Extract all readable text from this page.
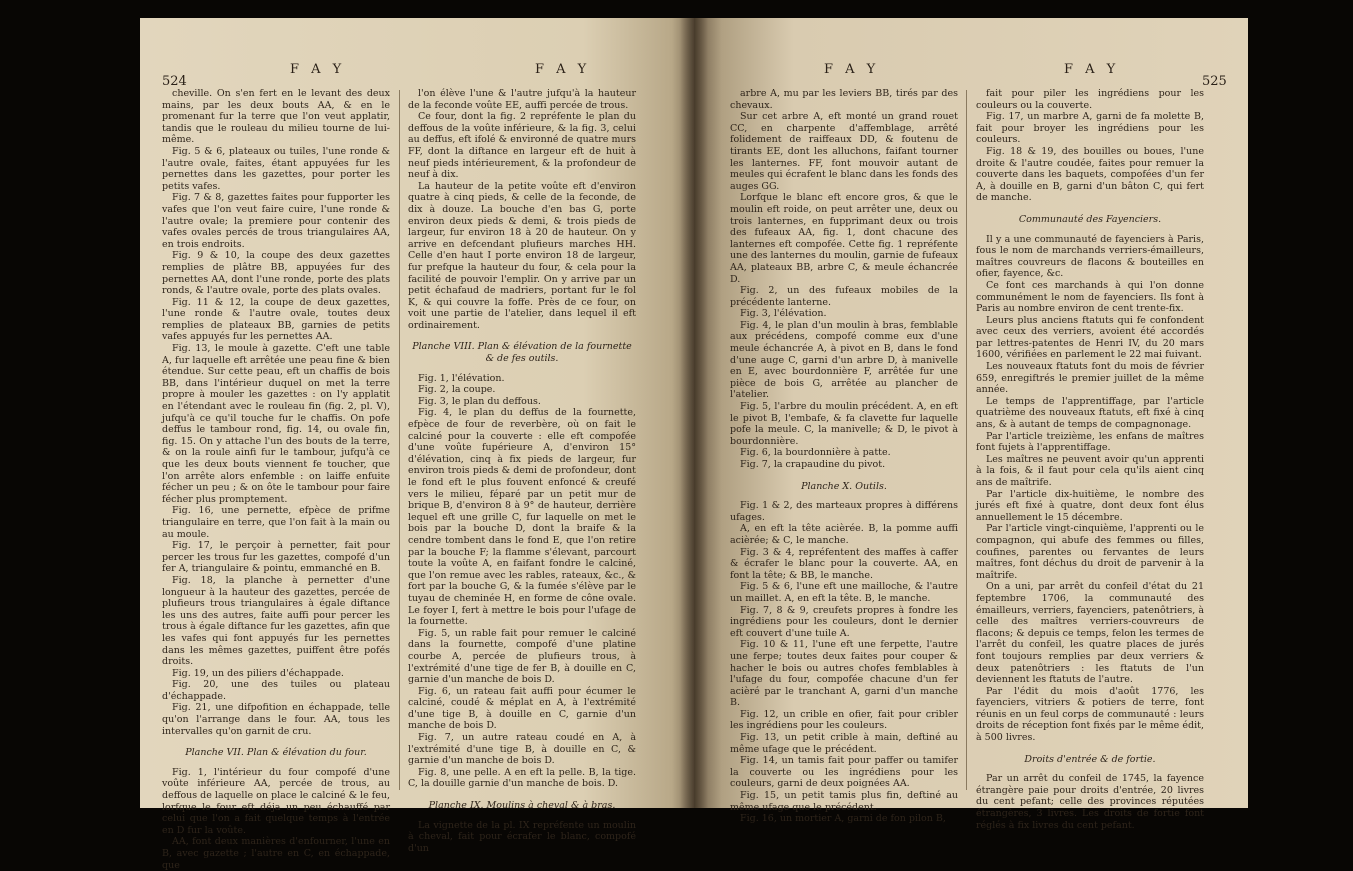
524
F A Y	F A Y

cheville. On s'en fert en le levant des deux mains, par les deux bouts AA, & en le promenant fur la terre que l'on veut applatir, tandis que le rouleau du milieu tourne de lui-même.

Fig. 5 & 6, plateaux ou tuiles, l'une ronde & l'autre ovale, faites, étant appuyées fur les pernettes dans les gazettes, pour porter les petits vafes.

Fig. 7 & 8, gazettes faites pour fupporter les vafes que l'on veut faire cuire, l'une ronde & l'autre ovale; la premiere pour contenir des vafes ovales percés de trous triangulaires AA, en trois endroits.

Fig. 9 & 10, la coupe des deux gazettes remplies de plâtre BB, appuyées fur des pernettes AA, dont l'une ronde, porte des plats ronds, & l'autre ovale, porte des plats ovales.

Fig. 11 & 12, la coupe de deux gazettes, l'une ronde & l'autre ovale, toutes deux remplies de plateaux BB, garnies de petits vafes appuyés fur les pernettes AA.

Fig. 13, le moule à gazette. C'eft une table A, fur laquelle eft arrêtée une peau fine & bien étendue. Sur cette peau, eft un chaffis de bois BB, dans l'intérieur duquel on met la terre propre à mouler les gazettes : on l'y applatit en l'étendant avec le rouleau fin (fig. 2, pl. V), jufqu'à ce qu'il touche fur le chaffis. On pofe deffus le tambour rond, fig. 14, ou ovale fin, fig. 15. On y attache l'un des bouts de la terre, & on la roule ainfi fur le tambour, jufqu'à ce que les deux bouts viennent fe toucher, que l'on arrête alors enfemble : on laiffe enfuite fécher un peu ; & on ôte le tambour pour faire fécher plus promptement.

Fig. 16, une pernette, efpèce de prifme triangulaire en terre, que l'on fait à la main ou au moule.

Fig. 17, le perçoir à pernetter, fait pour percer les trous fur les gazettes, compofé d'un fer A, triangulaire & pointu, emmanché en B.

Fig. 18, la planche à pernetter d'une longueur à la hauteur des gazettes, percée de plufieurs trous triangulaires à égale diftance les uns des autres, faite auffi pour percer les trous à égale diftance fur les gazettes, afin que les vafes qui font appuyés fur les pernettes dans les mêmes gazettes, puiffent être pofés droits.

Fig. 19, un des piliers d'échappade.

Fig. 20, une des tuiles ou plateau d'échappade.

Fig. 21, une difpofition en échappade, telle qu'on l'arrange dans le four. AA, tous les intervalles qu'on garnit de cru.

Planche VII. Plan & élévation du four.

Fig. 1, l'intérieur du four compofé d'une voûte inférieure AA, percée de trous, au deffous de laquelle on place le calciné & le feu, lorfque le four eft déja un peu échauffé par celui que l'on a fait quelque temps à l'entrée en D fur la voûte.

AA, font deux manières d'enfourner, l'une en B, avec gazette ; l'autre en C, en échappade, que

l'on élève l'une & l'autre jufqu'à la hauteur de la feconde voûte EE, auffi percée de trous.

Ce four, dont la fig. 2 repréfente le plan du deffous de la voûte inférieure, & la fig. 3, celui au deffus, eft ifolé & environné de quatre murs FF, dont la diftance en largeur eft de huit à neuf pieds intérieurement, & la profondeur de neuf à dix.

La hauteur de la petite voûte eft d'environ quatre à cinq pieds, & celle de la feconde, de dix à douze. La bouche d'en bas G, porte environ deux pieds & demi, & trois pieds de largeur, fur environ 18 à 20 de hauteur. On y arrive en defcendant plufieurs marches HH. Celle d'en haut I porte environ 18 de largeur, fur prefque la hauteur du four, & cela pour la facilité de pouvoir l'emplir. On y arrive par un petit échafaud de madriers, portant fur le fol K, & qui couvre la foffe. Près de ce four, on voit une partie de l'atelier, dans lequel il eft ordinairement.

Planche VIII. Plan & élévation de la fournette & de fes outils.

Fig. 1, l'élévation.

Fig. 2, la coupe.

Fig. 3, le plan du deffous.

Fig. 4, le plan du deffus de la fournette, efpèce de four de reverbère, où on fait le calciné pour la couverte : elle eft compofée d'une voûte fupérieure A, d'environ 15° d'élévation, cinq à fix pieds de largeur, fur environ trois pieds & demi de profondeur, dont le fond eft le plus fouvent enfoncé & creufé vers le milieu, féparé par un petit mur de brique B, d'environ 8 à 9° de hauteur, derrière lequel eft une grille C, fur laquelle on met le bois par la bouche D, dont la braife & la cendre tombent dans le fond E, que l'on retire par la bouche F; la flamme s'élevant, parcourt toute la voûte A, en faifant fondre le calciné, que l'on remue avec les rables, rateaux, &c., & fort par la bouche G, & la fumée s'élève par le tuyau de cheminée H, en forme de cône ovale. Le foyer I, fert à mettre le bois pour l'ufage de la fournette.

Fig. 5, un rable fait pour remuer le calciné dans la fournette, compofé d'une platine courbe A, percée de plufieurs trous, à l'extrémité d'une tige de fer B, à douille en C, garnie d'un manche de bois D.

Fig. 6, un rateau fait auffi pour écumer le calciné, coudé & méplat en A, à l'extrémité d'une tige B, à douille en C, garnie d'un manche de bois D.

Fig. 7, un autre rateau coudé en A, à l'extrémité d'une tige B, à douille en C, & garnie d'un manche de bois D.

Fig. 8, une pelle. A en eft la pelle. B, la tige. C, la douille garnie d'un manche de bois. D.

Planche IX. Moulins à cheval & à bras.

La vignette de la pl. IX repréfente un moulin à cheval, fait pour écrafer le blanc, compofé d'un

F A Y	F A Y
525

arbre A, mu par les leviers BB, tirés par des chevaux.

Sur cet arbre A, eft monté un grand rouet CC, en charpente d'affemblage, arrêté folidement de raiffeaux DD, & foutenu de tirants EE, dont les alluchons, faifant tourner les lanternes. FF, font mouvoir autant de meules qui écrafent le blanc dans les fonds des auges GG.

Lorfque le blanc eft encore gros, & que le moulin eft roide, on peut arrêter une, deux ou trois lanternes, en fupprimant deux ou trois des fufeaux AA, fig. 1, dont chacune des lanternes eft compofée. Cette fig. 1 repréfente une des lanternes du moulin, garnie de fufeaux AA, plateaux BB, arbre C, & meule échancrée D.

Fig. 2, un des fufeaux mobiles de la précédente lanterne.

Fig. 3, l'élévation.

Fig. 4, le plan d'un moulin à bras, femblable aux précédens, compofé comme eux d'une meule échancrée A, à pivot en B, dans le fond d'une auge C, garni d'un arbre D, à manivelle en E, avec bourdonnière F, arrêtée fur une pièce de bois G, arrêtée au plancher de l'atelier.

Fig. 5, l'arbre du moulin précédent. A, en eft le pivot B, l'embafe, & fa clavette fur laquelle pofe la meule. C, la manivelle; & D, le pivot à bourdonnière.

Fig. 6, la bourdonnière à patte.

Fig. 7, la crapaudine du pivot.

Planche X. Outils.

Fig. 1 & 2, des marteaux propres à différens ufages.

A, en eft la tête acièrée. B, la pomme auffi acièrée; & C, le manche.

Fig. 3 & 4, repréfentent des maffes à caffer & écrafer le blanc pour la couverte. AA, en font la tête; & BB, le manche.

Fig. 5 & 6, l'une eft une mailloche, & l'autre un maillet. A, en eft la tête. B, le manche.

Fig. 7, 8 & 9, creufets propres à fondre les ingrédiens pour les couleurs, dont le dernier eft couvert d'une tuile A.

Fig. 10 & 11, l'une eft une ferpette, l'autre une ferpe; toutes deux faites pour couper & hacher le bois ou autres chofes femblables à l'ufage du four, compofée chacune d'un fer acièré par le tranchant A, garni d'un manche B.

Fig. 12, un crible en ofier, fait pour cribler les ingrédiens pour les couleurs.

Fig. 13, un petit crible à main, deftiné au même ufage que le précédent.

Fig. 14, un tamis fait pour paffer ou tamifer la couverte ou les ingrédiens pour les couleurs, garni de deux poignées AA.

Fig. 15, un petit tamis plus fin, deftiné au même ufage que le précédent.

Fig. 16, un mortier A, garni de fon pilon B,

fait pour piler les ingrédiens pour les couleurs ou la couverte.

Fig. 17, un marbre A, garni de fa molette B, fait pour broyer les ingrédiens pour les couleurs.

Fig. 18 & 19, des bouilles ou boues, l'une droite & l'autre coudée, faites pour remuer la couverte dans les baquets, compofées d'un fer A, à douille en B, garni d'un bâton C, qui fert de manche.

Communauté des Fayenciers.

Il y a une communauté de fayenciers à Paris, fous le nom de marchands verriers-émailleurs, maîtres couvreurs de flacons & bouteilles en ofier, fayence, &c.

Ce font ces marchands à qui l'on donne communément le nom de fayenciers. Ils font à Paris au nombre environ de cent trente-fix.

Leurs plus anciens ftatuts qui fe confondent avec ceux des verriers, avoient été accordés par lettres-patentes de Henri IV, du 20 mars 1600, vérifiées en parlement le 22 mai fuivant.

Les nouveaux ftatuts font du mois de février 659, enregiftrés le premier juillet de la même année.

Le temps de l'apprentiffage, par l'article quatrième des nouveaux ftatuts, eft fixé à cinq ans, & à autant de temps de compagnonage.

Par l'article treizième, les enfans de maîtres font fujets à l'apprentiffage.

Les maîtres ne peuvent avoir qu'un apprenti à la fois, & il faut pour cela qu'ils aient cinq ans de maîtrife.

Par l'article dix-huitième, le nombre des jurés eft fixé à quatre, dont deux font élus annuellement le 15 décembre.

Par l'article vingt-cinquième, l'apprenti ou le compagnon, qui abufe des femmes ou filles, coufines, parentes ou fervantes de leurs maîtres, font déchus du droit de parvenir à la maîtrife.

On a uni, par arrêt du confeil d'état du 21 feptembre 1706, la communauté des émailleurs, verriers, fayenciers, patenôtriers, à celle des maîtres verriers-couvreurs de flacons; & depuis ce temps, felon les termes de l'arrêt du confeil, les quatre places de jurés font toujours remplies par deux verriers & deux patenôtriers : les ftatuts de l'un deviennent les ftatuts de l'autre.

Par l'édit du mois d'août 1776, les fayenciers, vitriers & potiers de terre, font réunis en un feul corps de communauté : leurs droits de réception font fixés par le même édit, à 500 livres.

Droits d'entrée & de fortie.

Par un arrêt du confeil de 1745, la fayence étrangère paie pour droits d'entrée, 20 livres du cent pefant; celle des provinces réputées étrangères, 3 livres. Les droits de fortie font réglés à fix livres du cent pefant.
